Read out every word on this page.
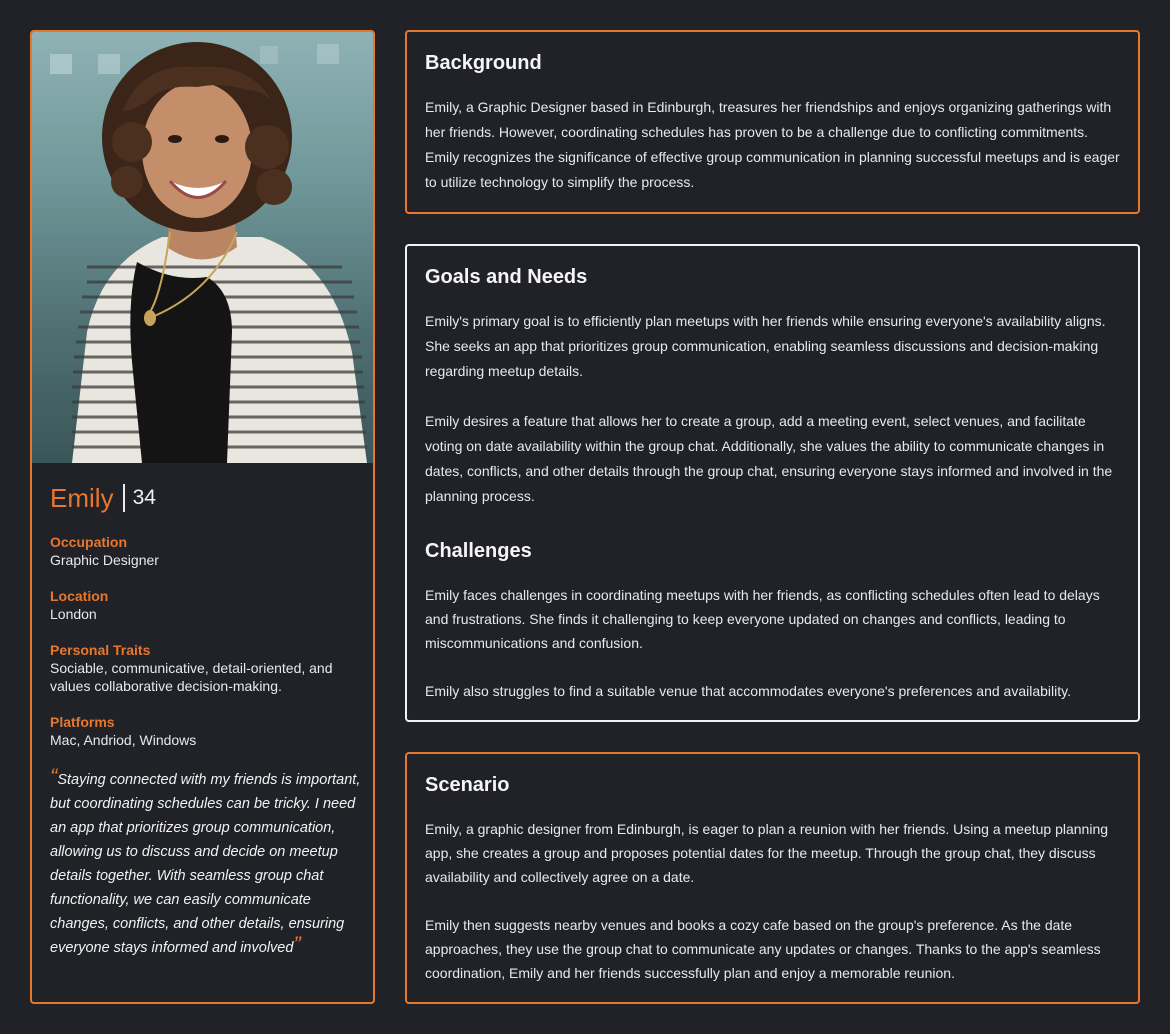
Emily 34
Occupation
Graphic Designer
Location
London
Personal Traits
Sociable, communicative, detail-oriented, and values collaborative decision-making.
Platforms
Mac, Andriod, Windows
“Staying connected with my friends is important, but coordinating schedules can be tricky. I need an app that prioritizes group communication, allowing us to discuss and decide on meetup details together. With seamless group chat functionality, we can easily communicate changes, conflicts, and other details, ensuring everyone stays informed and involved”
Background

Emily, a Graphic Designer based in Edinburgh, treasures her friendships and enjoys organizing gatherings with her friends. However, coordinating schedules has proven to be a challenge due to conflicting commitments. Emily recognizes the significance of effective group communication in planning successful meetups and is eager to utilize technology to simplify the process.

Goals and Needs

Emily's primary goal is to efficiently plan meetups with her friends while ensuring everyone's availability aligns. She seeks an app that prioritizes group communication, enabling seamless discussions and decision-making regarding meetup details.

Emily desires a feature that allows her to create a group, add a meeting event, select venues, and facilitate voting on date availability within the group chat. Additionally, she values the ability to communicate changes in dates, conflicts, and other details through the group chat, ensuring everyone stays informed and involved in the planning process.

Challenges

Emily faces challenges in coordinating meetups with her friends, as conflicting schedules often lead to delays and frustrations. She finds it challenging to keep everyone updated on changes and conflicts, leading to miscommunications and confusion.

Emily also struggles to find a suitable venue that accommodates everyone's preferences and availability.

Scenario

Emily, a graphic designer from Edinburgh, is eager to plan a reunion with her friends. Using a meetup planning app, she creates a group and proposes potential dates for the meetup. Through the group chat, they discuss availability and collectively agree on a date.

Emily then suggests nearby venues and books a cozy cafe based on the group's preference. As the date approaches, they use the group chat to communicate any updates or changes. Thanks to the app's seamless coordination, Emily and her friends successfully plan and enjoy a memorable reunion.
